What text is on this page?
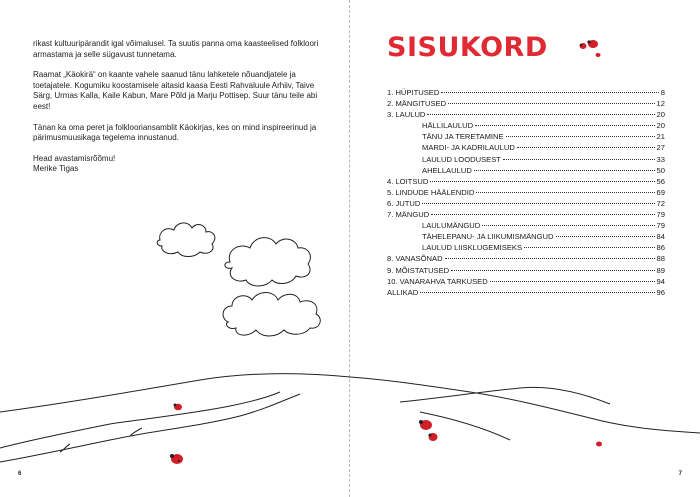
rikast kultuuripärandit igal võimalusel. Ta suutis panna oma kaasteelised folkloori armastama ja selle sügavust tunnetama.

Raamat „Käokirä“ on kaante vahele saanud tänu lahketele nõuandjatele ja toetajatele. Kogumiku koostamisele aitasid kaasa Eesti Rahvaluule Arhiiv, Taive Särg, Urmas Kalla, Kaile Kabun, Mare Põld ja Marju Pottisep. Suur tänu teile abi eest!

Tänan ka oma peret ja folklooriansamblit Käokirjas, kes on mind inspireerinud ja pärimusmuusikaga tegelema innustanud.

Head avastamisrõõmu!

Merike Tigas

6
SISUKORD
1. HÜPITUSED	8
2. MÄNGITUSED	12
3. LAULUD	20
HÄLLILAULUD	20
TÄNU JA TERETAMINE	21
MARDI- JA KADRILAULUD	27
LAULUD LOODUSEST	33
AHELLAULUD	50
4. LOITSUD	56
5. LINDUDE HÄÄLENDID	69
6. JUTUD	72
7. MÄNGUD	79
LAULUMÄNGUD	79
TÄHELEPANU- JA LIIKUMISMÄNGUD	84
LAULUD LIISKLUGEMISEKS	86
8. VANASÕNAD	88
9. MÕISTATUSED	89
10. VANARAHVA TARKUSED	94
ALLIKAD	96
7
